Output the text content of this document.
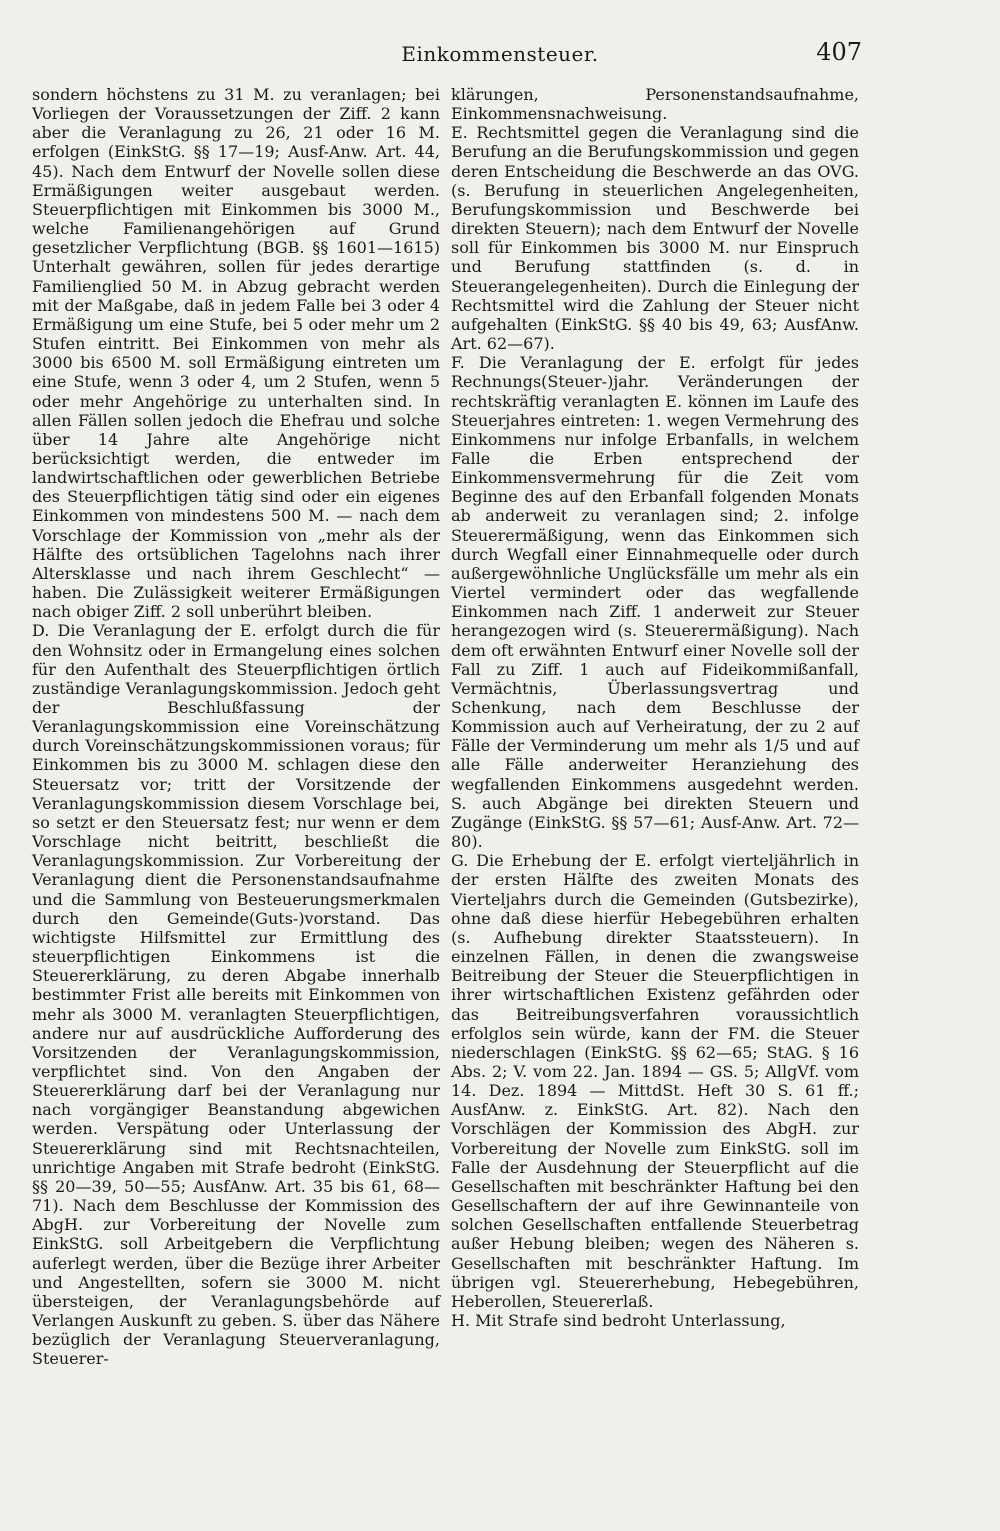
Einkommensteuer.	407

sondern höchstens zu 31 M. zu veranlagen; bei Vorliegen der Voraussetzungen der Ziff. 2 kann aber die Veranlagung zu 26, 21 oder 16 M. erfolgen (EinkStG. §§ 17—19; Ausf-Anw. Art. 44, 45). Nach dem Entwurf der Novelle sollen diese Ermäßigungen weiter ausgebaut werden. Steuerpflichtigen mit Einkommen bis 3000 M., welche Familienangehörigen auf Grund gesetzlicher Verpflichtung (BGB. §§ 1601—1615) Unterhalt gewähren, sollen für jedes derartige Familienglied 50 M. in Abzug gebracht werden mit der Maßgabe, daß in jedem Falle bei 3 oder 4 Ermäßigung um eine Stufe, bei 5 oder mehr um 2 Stufen eintritt. Bei Einkommen von mehr als 3000 bis 6500 M. soll Ermäßigung eintreten um eine Stufe, wenn 3 oder 4, um 2 Stufen, wenn 5 oder mehr Angehörige zu unterhalten sind. In allen Fällen sollen jedoch die Ehefrau und solche über 14 Jahre alte Angehörige nicht berücksichtigt werden, die entweder im landwirtschaftlichen oder gewerblichen Betriebe des Steuerpflichtigen tätig sind oder ein eigenes Einkommen von mindestens 500 M. — nach dem Vorschlage der Kommission von „mehr als der Hälfte des ortsüblichen Tagelohns nach ihrer Altersklasse und nach ihrem Geschlecht“ — haben. Die Zulässigkeit weiterer Ermäßigungen nach obiger Ziff. 2 soll unberührt bleiben.

D. Die Veranlagung der E. erfolgt durch die für den Wohnsitz oder in Ermangelung eines solchen für den Aufenthalt des Steuerpflichtigen örtlich zuständige Veranlagungskommission. Jedoch geht der Beschlußfassung der Veranlagungskommission eine Voreinschätzung durch Voreinschätzungskommissionen voraus; für Einkommen bis zu 3000 M. schlagen diese den Steuersatz vor; tritt der Vorsitzende der Veranlagungskommission diesem Vorschlage bei, so setzt er den Steuersatz fest; nur wenn er dem Vorschlage nicht beitritt, beschließt die Veranlagungskommission. Zur Vorbereitung der Veranlagung dient die Personenstandsaufnahme und die Sammlung von Besteuerungsmerkmalen durch den Gemeinde(Guts-)vorstand. Das wichtigste Hilfsmittel zur Ermittlung des steuerpflichtigen Einkommens ist die Steuererklärung, zu deren Abgabe innerhalb bestimmter Frist alle bereits mit Einkommen von mehr als 3000 M. veranlagten Steuerpflichtigen, andere nur auf ausdrückliche Aufforderung des Vorsitzenden der Veranlagungskommission, verpflichtet sind. Von den Angaben der Steuererklärung darf bei der Veranlagung nur nach vorgängiger Beanstandung abgewichen werden. Verspätung oder Unterlassung der Steuererklärung sind mit Rechtsnachteilen, unrichtige Angaben mit Strafe bedroht (EinkStG. §§ 20—39, 50—55; AusfAnw. Art. 35 bis 61, 68—71). Nach dem Beschlusse der Kommission des AbgH. zur Vorbereitung der Novelle zum EinkStG. soll Arbeitgebern die Verpflichtung auferlegt werden, über die Bezüge ihrer Arbeiter und Angestellten, sofern sie 3000 M. nicht übersteigen, der Veranlagungsbehörde auf Verlangen Auskunft zu geben. S. über das Nähere bezüglich der Veranlagung Steuerveranlagung, Steuerer-

klärungen, Personenstandsaufnahme, Einkommensnachweisung.

E. Rechtsmittel gegen die Veranlagung sind die Berufung an die Berufungskommission und gegen deren Entscheidung die Beschwerde an das OVG. (s. Berufung in steuerlichen Angelegenheiten, Berufungskommission und Beschwerde bei direkten Steuern); nach dem Entwurf der Novelle soll für Einkommen bis 3000 M. nur Einspruch und Berufung stattfinden (s. d. in Steuerangelegenheiten). Durch die Einlegung der Rechtsmittel wird die Zahlung der Steuer nicht aufgehalten (EinkStG. §§ 40 bis 49, 63; AusfAnw. Art. 62—67).

F. Die Veranlagung der E. erfolgt für jedes Rechnungs(Steuer-)jahr. Veränderungen der rechtskräftig veranlagten E. können im Laufe des Steuerjahres eintreten: 1. wegen Vermehrung des Einkommens nur infolge Erbanfalls, in welchem Falle die Erben entsprechend der Einkommensvermehrung für die Zeit vom Beginne des auf den Erbanfall folgenden Monats ab anderweit zu veranlagen sind; 2. infolge Steuerermäßigung, wenn das Einkommen sich durch Wegfall einer Einnahmequelle oder durch außergewöhnliche Unglücksfälle um mehr als ein Viertel vermindert oder das wegfallende Einkommen nach Ziff. 1 anderweit zur Steuer herangezogen wird (s. Steuerermäßigung). Nach dem oft erwähnten Entwurf einer Novelle soll der Fall zu Ziff. 1 auch auf Fideikommißanfall, Vermächtnis, Überlassungsvertrag und Schenkung, nach dem Beschlusse der Kommission auch auf Verheiratung, der zu 2 auf Fälle der Verminderung um mehr als 1/5 und auf alle Fälle anderweiter Heranziehung des wegfallenden Einkommens ausgedehnt werden. S. auch Abgänge bei direkten Steuern und Zugänge (EinkStG. §§ 57—61; Ausf-Anw. Art. 72—80).

G. Die Erhebung der E. erfolgt vierteljährlich in der ersten Hälfte des zweiten Monats des Vierteljahrs durch die Gemeinden (Gutsbezirke), ohne daß diese hierfür Hebegebühren erhalten (s. Aufhebung direkter Staatssteuern). In einzelnen Fällen, in denen die zwangsweise Beitreibung der Steuer die Steuerpflichtigen in ihrer wirtschaftlichen Existenz gefährden oder das Beitreibungsverfahren voraussichtlich erfolglos sein würde, kann der FM. die Steuer niederschlagen (EinkStG. §§ 62—65; StAG. § 16 Abs. 2; V. vom 22. Jan. 1894 — GS. 5; AllgVf. vom 14. Dez. 1894 — MittdSt. Heft 30 S. 61 ff.; AusfAnw. z. EinkStG. Art. 82). Nach den Vorschlägen der Kommission des AbgH. zur Vorbereitung der Novelle zum EinkStG. soll im Falle der Ausdehnung der Steuerpflicht auf die Gesellschaften mit beschränkter Haftung bei den Gesellschaftern der auf ihre Gewinnanteile von solchen Gesellschaften entfallende Steuerbetrag außer Hebung bleiben; wegen des Näheren s. Gesellschaften mit beschränkter Haftung. Im übrigen vgl. Steuererhebung, Hebegebühren, Heberollen, Steuererlaß.

H. Mit Strafe sind bedroht Unterlassung,
